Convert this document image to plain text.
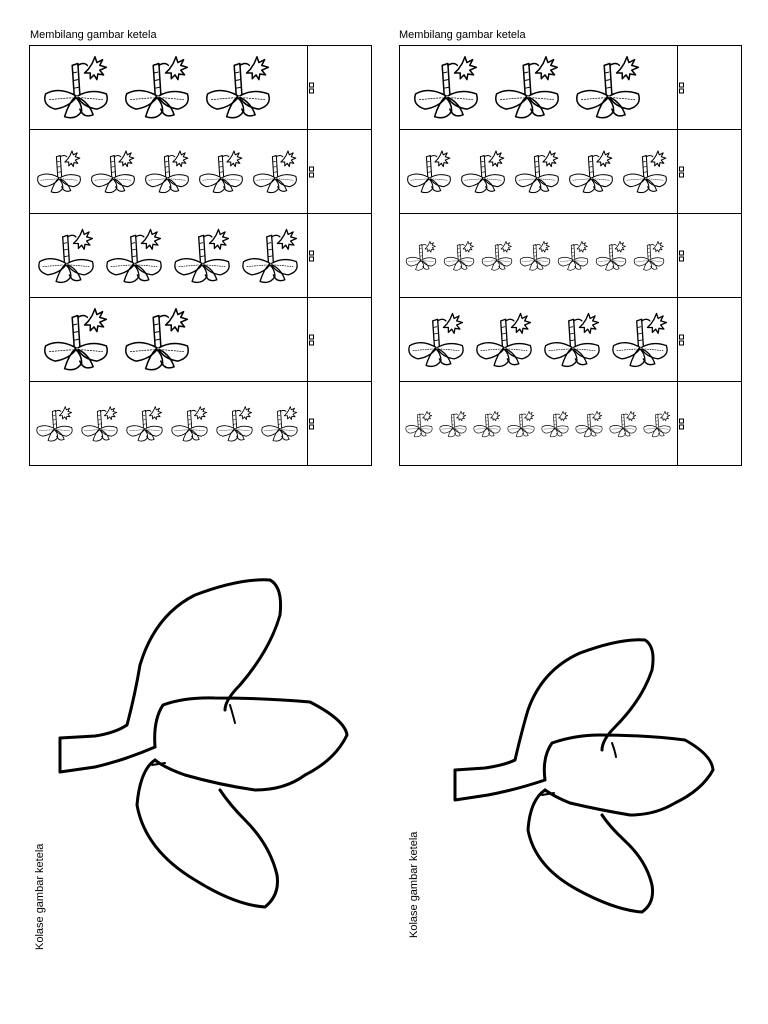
Membilang gambar ketela	Membilang gambar ketela
Kolase gambar ketela	Kolase gambar ketela
